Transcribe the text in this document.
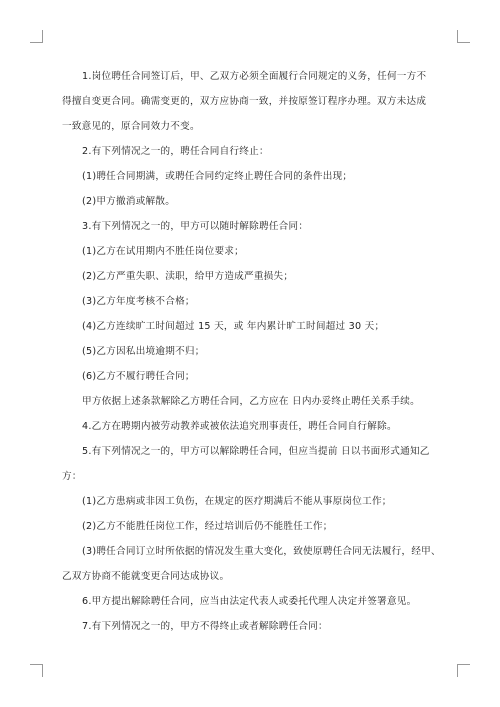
1.岗位聘任合同签订后，甲、乙双方必须全面履行合同规定的义务，任何一方不
得擅自变更合同。确需变更的，双方应协商一致，并按原签订程序办理。双方未达成
一致意见的，原合同效力不变。
2.有下列情况之一的，聘任合同自行终止：
(1)聘任合同期满，或聘任合同约定终止聘任合同的条件出现；
(2)甲方撤消或解散。
3.有下列情况之一的，甲方可以随时解除聘任合同：
(1)乙方在试用期内不胜任岗位要求；
(2)乙方严重失职、渎职，给甲方造成严重损失；
(3)乙方年度考核不合格；
(4)乙方连续旷工时间超过 15 天，或 年内累计旷工时间超过 30 天；
(5)乙方因私出境逾期不归；
(6)乙方不履行聘任合同；
甲方依据上述条款解除乙方聘任合同，乙方应在 日内办妥终止聘任关系手续。
4.乙方在聘期内被劳动教养或被依法追究刑事责任，聘任合同自行解除。
5.有下列情况之一的，甲方可以解除聘任合同，但应当提前 日以书面形式通知乙
方：
(1)乙方患病或非因工负伤，在规定的医疗期满后不能从事原岗位工作；
(2)乙方不能胜任岗位工作，经过培训后仍不能胜任工作；
(3)聘任合同订立时所依据的情况发生重大变化，致使原聘任合同无法履行，经甲、
乙双方协商不能就变更合同达成协议。
6.甲方提出解除聘任合同，应当由法定代表人或委托代理人决定并签署意见。
7.有下列情况之一的，甲方不得终止或者解除聘任合同：
